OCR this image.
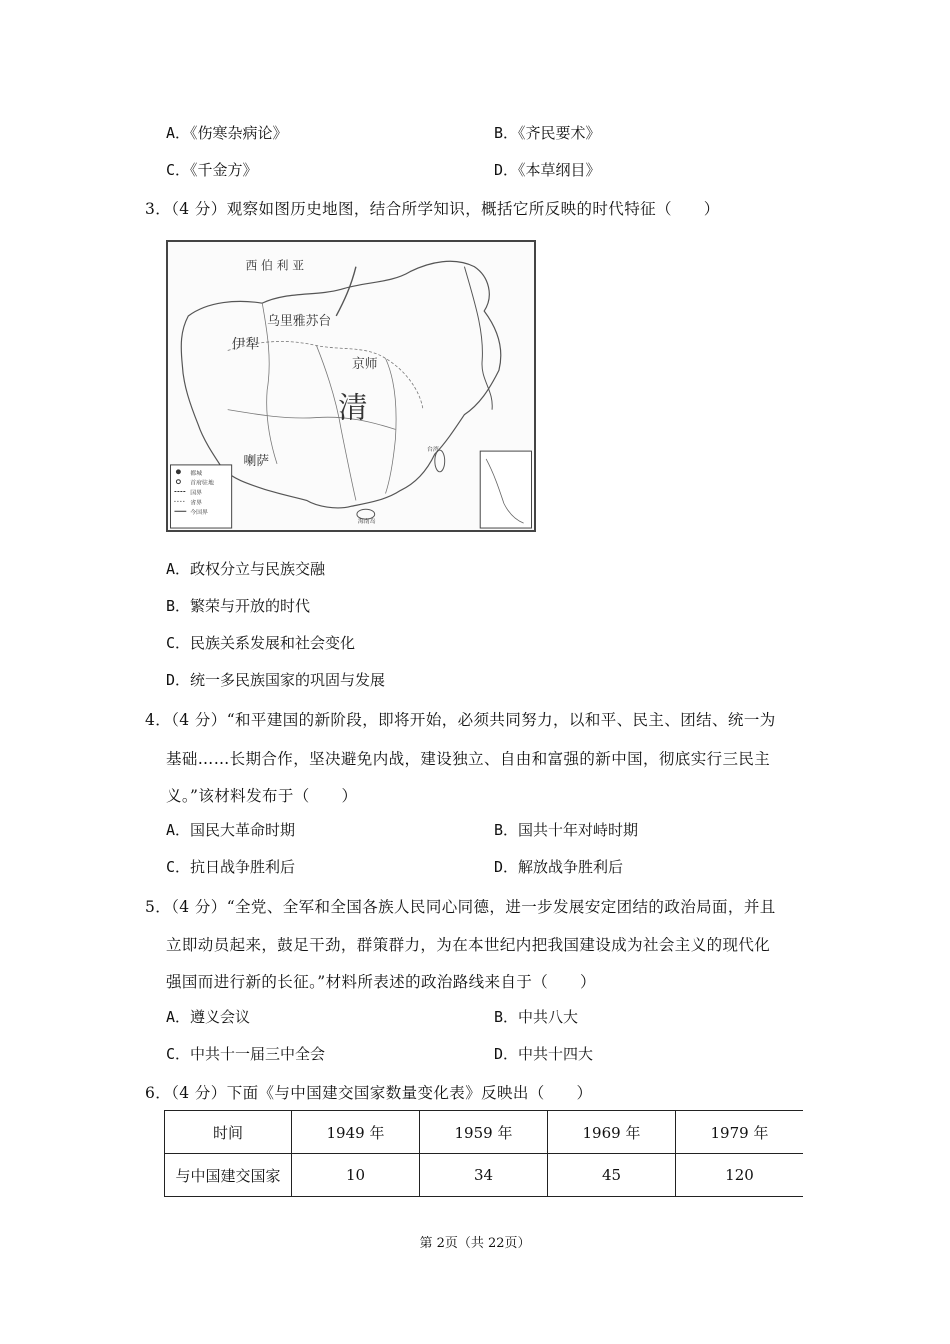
A．《伤寒杂病论》	B．《齐民要术》
C．《千金方》	D．《本草纲目》
3．（4 分）观察如图历史地图，结合所学知识，概括它所反映的时代特征（　　）
都城
首府驻地
国界
省界
今国界
西 伯 利 亚
乌里雅苏台
伊犁
京师
清
喇萨
台湾
海南岛
A．政权分立与民族交融
B．繁荣与开放的时代
C．民族关系发展和社会变化
D．统一多民族国家的巩固与发展
4．（4 分）“和平建国的新阶段，即将开始，必须共同努力，以和平、民主、团结、统一为
基础……长期合作，坚决避免内战，建设独立、自由和富强的新中国，彻底实行三民主
义。”该材料发布于（　　）
A．国民大革命时期	B．国共十年对峙时期
C．抗日战争胜利后	D．解放战争胜利后
5．（4 分）“全党、全军和全国各族人民同心同德，进一步发展安定团结的政治局面，并且
立即动员起来，鼓足干劲，群策群力，为在本世纪内把我国建设成为社会主义的现代化
强国而进行新的长征。”材料所表述的政治路线来自于（　　）
A．遵义会议	B．中共八大
C．中共十一届三中全会	D．中共十四大
6．（4 分）下面《与中国建交国家数量变化表》反映出（　　）
时间	1949 年	1959 年	1969 年	1979 年
与中国建交国家	10	34	45	120
第 2页（共 22页）
